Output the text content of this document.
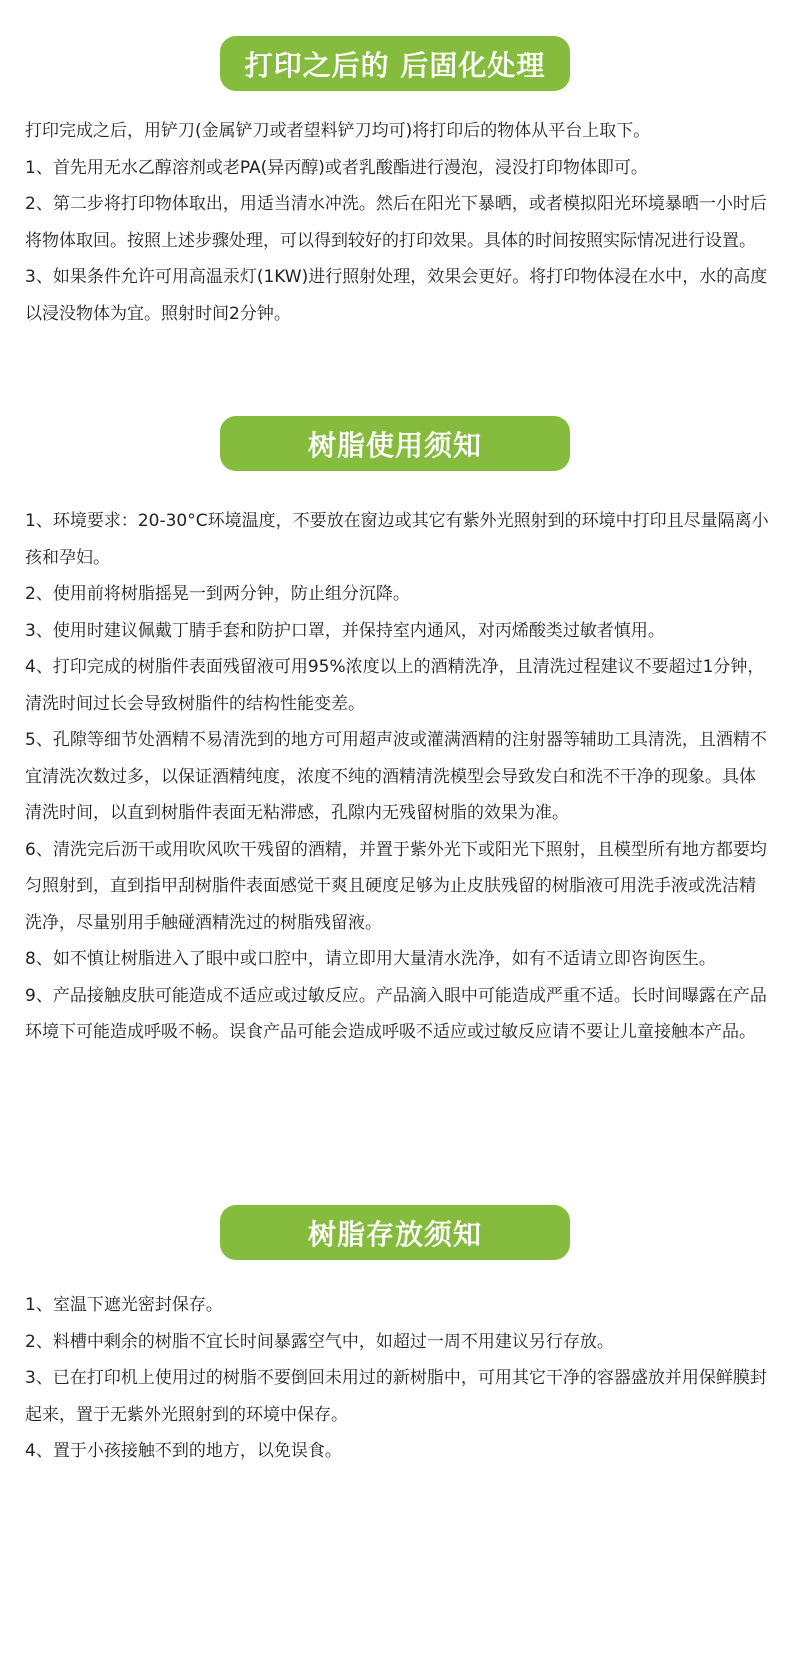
打印之后的 后固化处理

打印完成之后，用铲刀(金属铲刀或者望料铲刀均可)将打印后的物体从平台上取下。

1、首先用无水乙醇溶剂或老PA(异丙醇)或者乳酸酯进行漫泡，浸没打印物体即可。

2、第二步将打印物体取出，用适当清水冲洗。然后在阳光下暴晒，或者模拟阳光环境暴晒一小时后将物体取回。按照上述步骤处理，可以得到较好的打印效果。具体的时间按照实际情况进行设置。

3、如果条件允许可用高温汞灯(1KW)进行照射处理，效果会更好。将打印物体浸在水中，水的高度以浸没物体为宜。照射时间2分钟。

树脂使用须知

1、环境要求：20-30°C环境温度，不要放在窗边或其它有紫外光照射到的环境中打印且尽量隔离小孩和孕妇。

2、使用前将树脂摇晃一到两分钟，防止组分沉降。

3、使用时建议佩戴丁腈手套和防护口罩，并保持室内通风，对丙烯酸类过敏者慎用。

4、打印完成的树脂件表面残留液可用95%浓度以上的酒精洗净，且清洗过程建议不要超过1分钟，清洗时间过长会导致树脂件的结构性能变差。

5、孔隙等细节处酒精不易清洗到的地方可用超声波或灌满酒精的注射器等辅助工具清洗，且酒精不宜清洗次数过多，以保证酒精纯度，浓度不纯的酒精清洗模型会导致发白和洗不干净的现象。具体清洗时间，以直到树脂件表面无粘滞感，孔隙内无残留树脂的效果为准。

6、清洗完后沥干或用吹风吹干残留的酒精，并置于紫外光下或阳光下照射，且模型所有地方都要均匀照射到，直到指甲刮树脂件表面感觉干爽且硬度足够为止皮肤残留的树脂液可用洗手液或洗洁精洗净，尽量别用手触碰酒精洗过的树脂残留液。

8、如不慎让树脂进入了眼中或口腔中，请立即用大量清水洗净，如有不适请立即咨询医生。

9、产品接触皮肤可能造成不适应或过敏反应。产品滴入眼中可能造成严重不适。长时间曝露在产品环境下可能造成呼吸不畅。误食产品可能会造成呼吸不适应或过敏反应请不要让儿童接触本产品。

树脂存放须知

1、室温下遮光密封保存。

2、料槽中剩余的树脂不宜长时间暴露空气中，如超过一周不用建议另行存放。

3、已在打印机上使用过的树脂不要倒回未用过的新树脂中，可用其它干净的容器盛放并用保鲜膜封起来，置于无紫外光照射到的环境中保存。

4、置于小孩接触不到的地方，以免误食。
